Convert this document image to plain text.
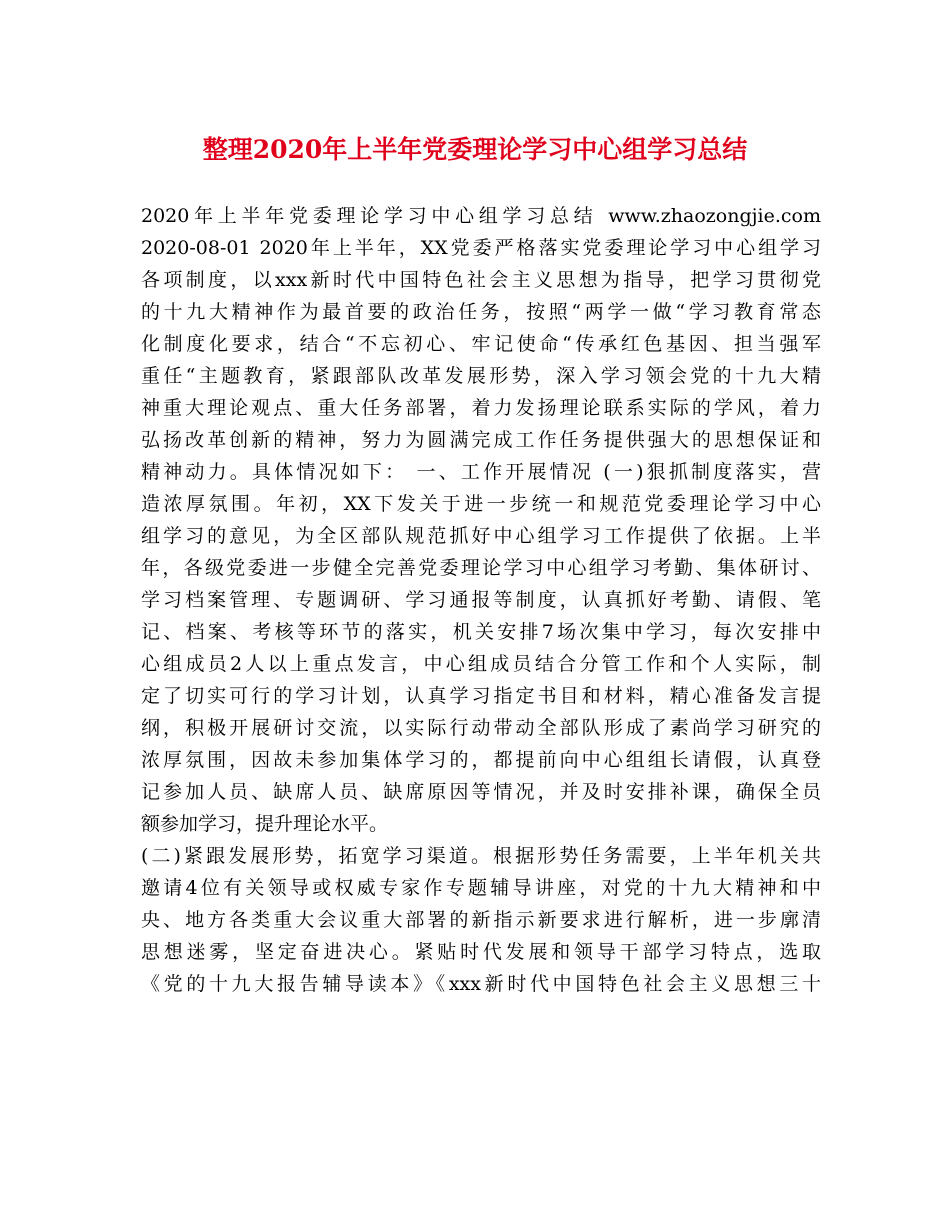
整理2020年上半年党委理论学习中心组学习总结
2020年上半年党委理论学习中心组学习总结 www.zhaozongjie.com
2020-08-01 2020年上半年，XX党委严格落实党委理论学习中心组学习
各项制度，以xxx新时代中国特色社会主义思想为指导，把学习贯彻党
的十九大精神作为最首要的政治任务，按照“两学一做“学习教育常态
化制度化要求，结合“不忘初心、牢记使命“传承红色基因、担当强军
重任“主题教育，紧跟部队改革发展形势，深入学习领会党的十九大精
神重大理论观点、重大任务部署，着力发扬理论联系实际的学风，着力
弘扬改革创新的精神，努力为圆满完成工作任务提供强大的思想保证和
精神动力。具体情况如下： 一、工作开展情况 (一)狠抓制度落实，营
造浓厚氛围。年初，XX下发关于进一步统一和规范党委理论学习中心
组学习的意见，为全区部队规范抓好中心组学习工作提供了依据。上半
年，各级党委进一步健全完善党委理论学习中心组学习考勤、集体研讨、
学习档案管理、专题调研、学习通报等制度，认真抓好考勤、请假、笔
记、档案、考核等环节的落实，机关安排7场次集中学习，每次安排中
心组成员2人以上重点发言，中心组成员结合分管工作和个人实际，制
定了切实可行的学习计划，认真学习指定书目和材料，精心准备发言提
纲，积极开展研讨交流，以实际行动带动全部队形成了素尚学习研究的
浓厚氛围，因故未参加集体学习的，都提前向中心组组长请假，认真登
记参加人员、缺席人员、缺席原因等情况，并及时安排补课，确保全员
额参加学习，提升理论水平。
(二)紧跟发展形势，拓宽学习渠道。根据形势任务需要，上半年机关共
邀请4位有关领导或权威专家作专题辅导讲座，对党的十九大精神和中
央、地方各类重大会议重大部署的新指示新要求进行解析，进一步廓清
思想迷雾，坚定奋进决心。紧贴时代发展和领导干部学习特点，选取
《党的十九大报告辅导读本》《xxx新时代中国特色社会主义思想三十
